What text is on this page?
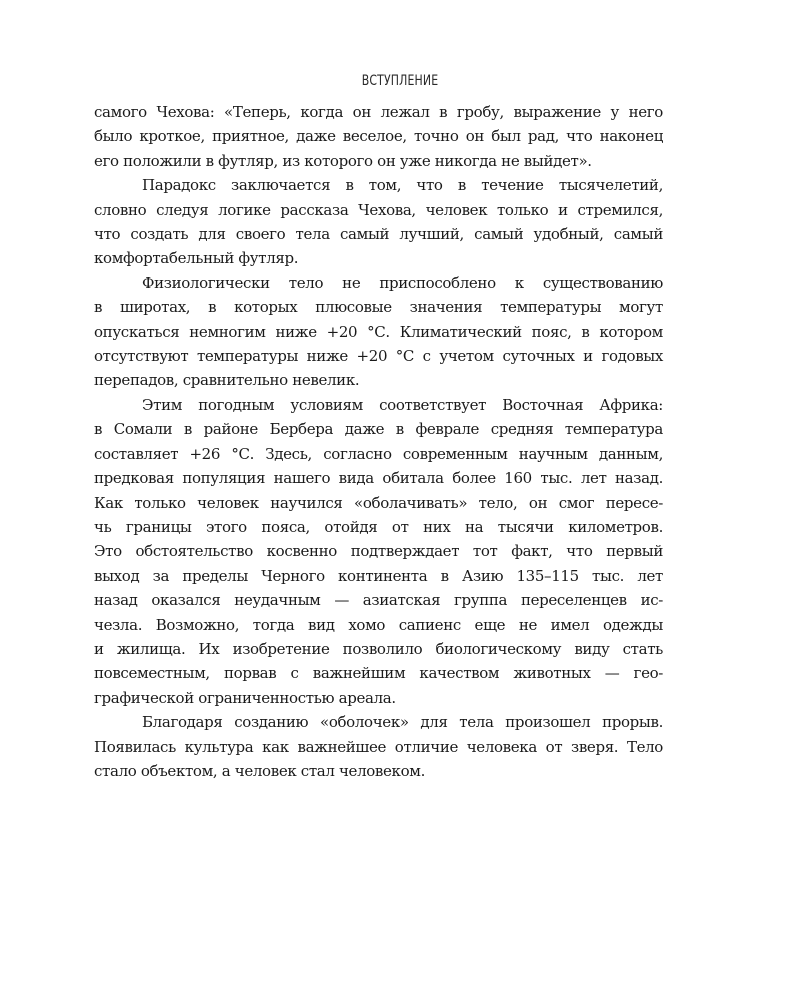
ВСТУПЛЕНИЕ
самого Чехова: «Теперь, когда он лежал в гробу, выражение у него
было кроткое, приятное, даже веселое, точно он был рад, что наконец
его положили в футляр, из которого он уже никогда не выйдет».
Парадокс заключается в том, что в течение тысячелетий,
словно следуя логике рассказа Чехова, человек только и стремился,
что создать для своего тела самый лучший, самый удобный, самый
комфортабельный футляр.
Физиологически тело не приспособлено к существованию
в широтах, в которых плюсовые значения температуры могут
опускаться немногим ниже +20 °С. Климатический пояс, в котором
отсутствуют температуры ниже +20 °С с учетом суточных и годовых
перепадов, сравнительно невелик.
Этим погодным условиям соответствует Восточная Африка:
в Сомали в районе Бербера даже в феврале средняя температура
составляет +26 °С. Здесь, согласно современным научным данным,
предковая популяция нашего вида обитала более 160 тыс. лет назад.
Как только человек научился «оболачивать» тело, он смог пересе-
чь границы этого пояса, отойдя от них на тысячи километров.
Это обстоятельство косвенно подтверждает тот факт, что первый
выход за пределы Черного континента в Азию 135–115 тыс. лет
назад оказался неудачным — азиатская группа переселенцев ис-
чезла. Возможно, тогда вид хомо сапиенс еще не имел одежды
и жилища. Их изобретение позволило биологическому виду стать
повсеместным, порвав с важнейшим качеством животных — гео-
графической ограниченностью ареала.
Благодаря созданию «оболочек» для тела произошел прорыв.
Появилась культура как важнейшее отличие человека от зверя. Тело
стало объектом, а человек стал человеком.
